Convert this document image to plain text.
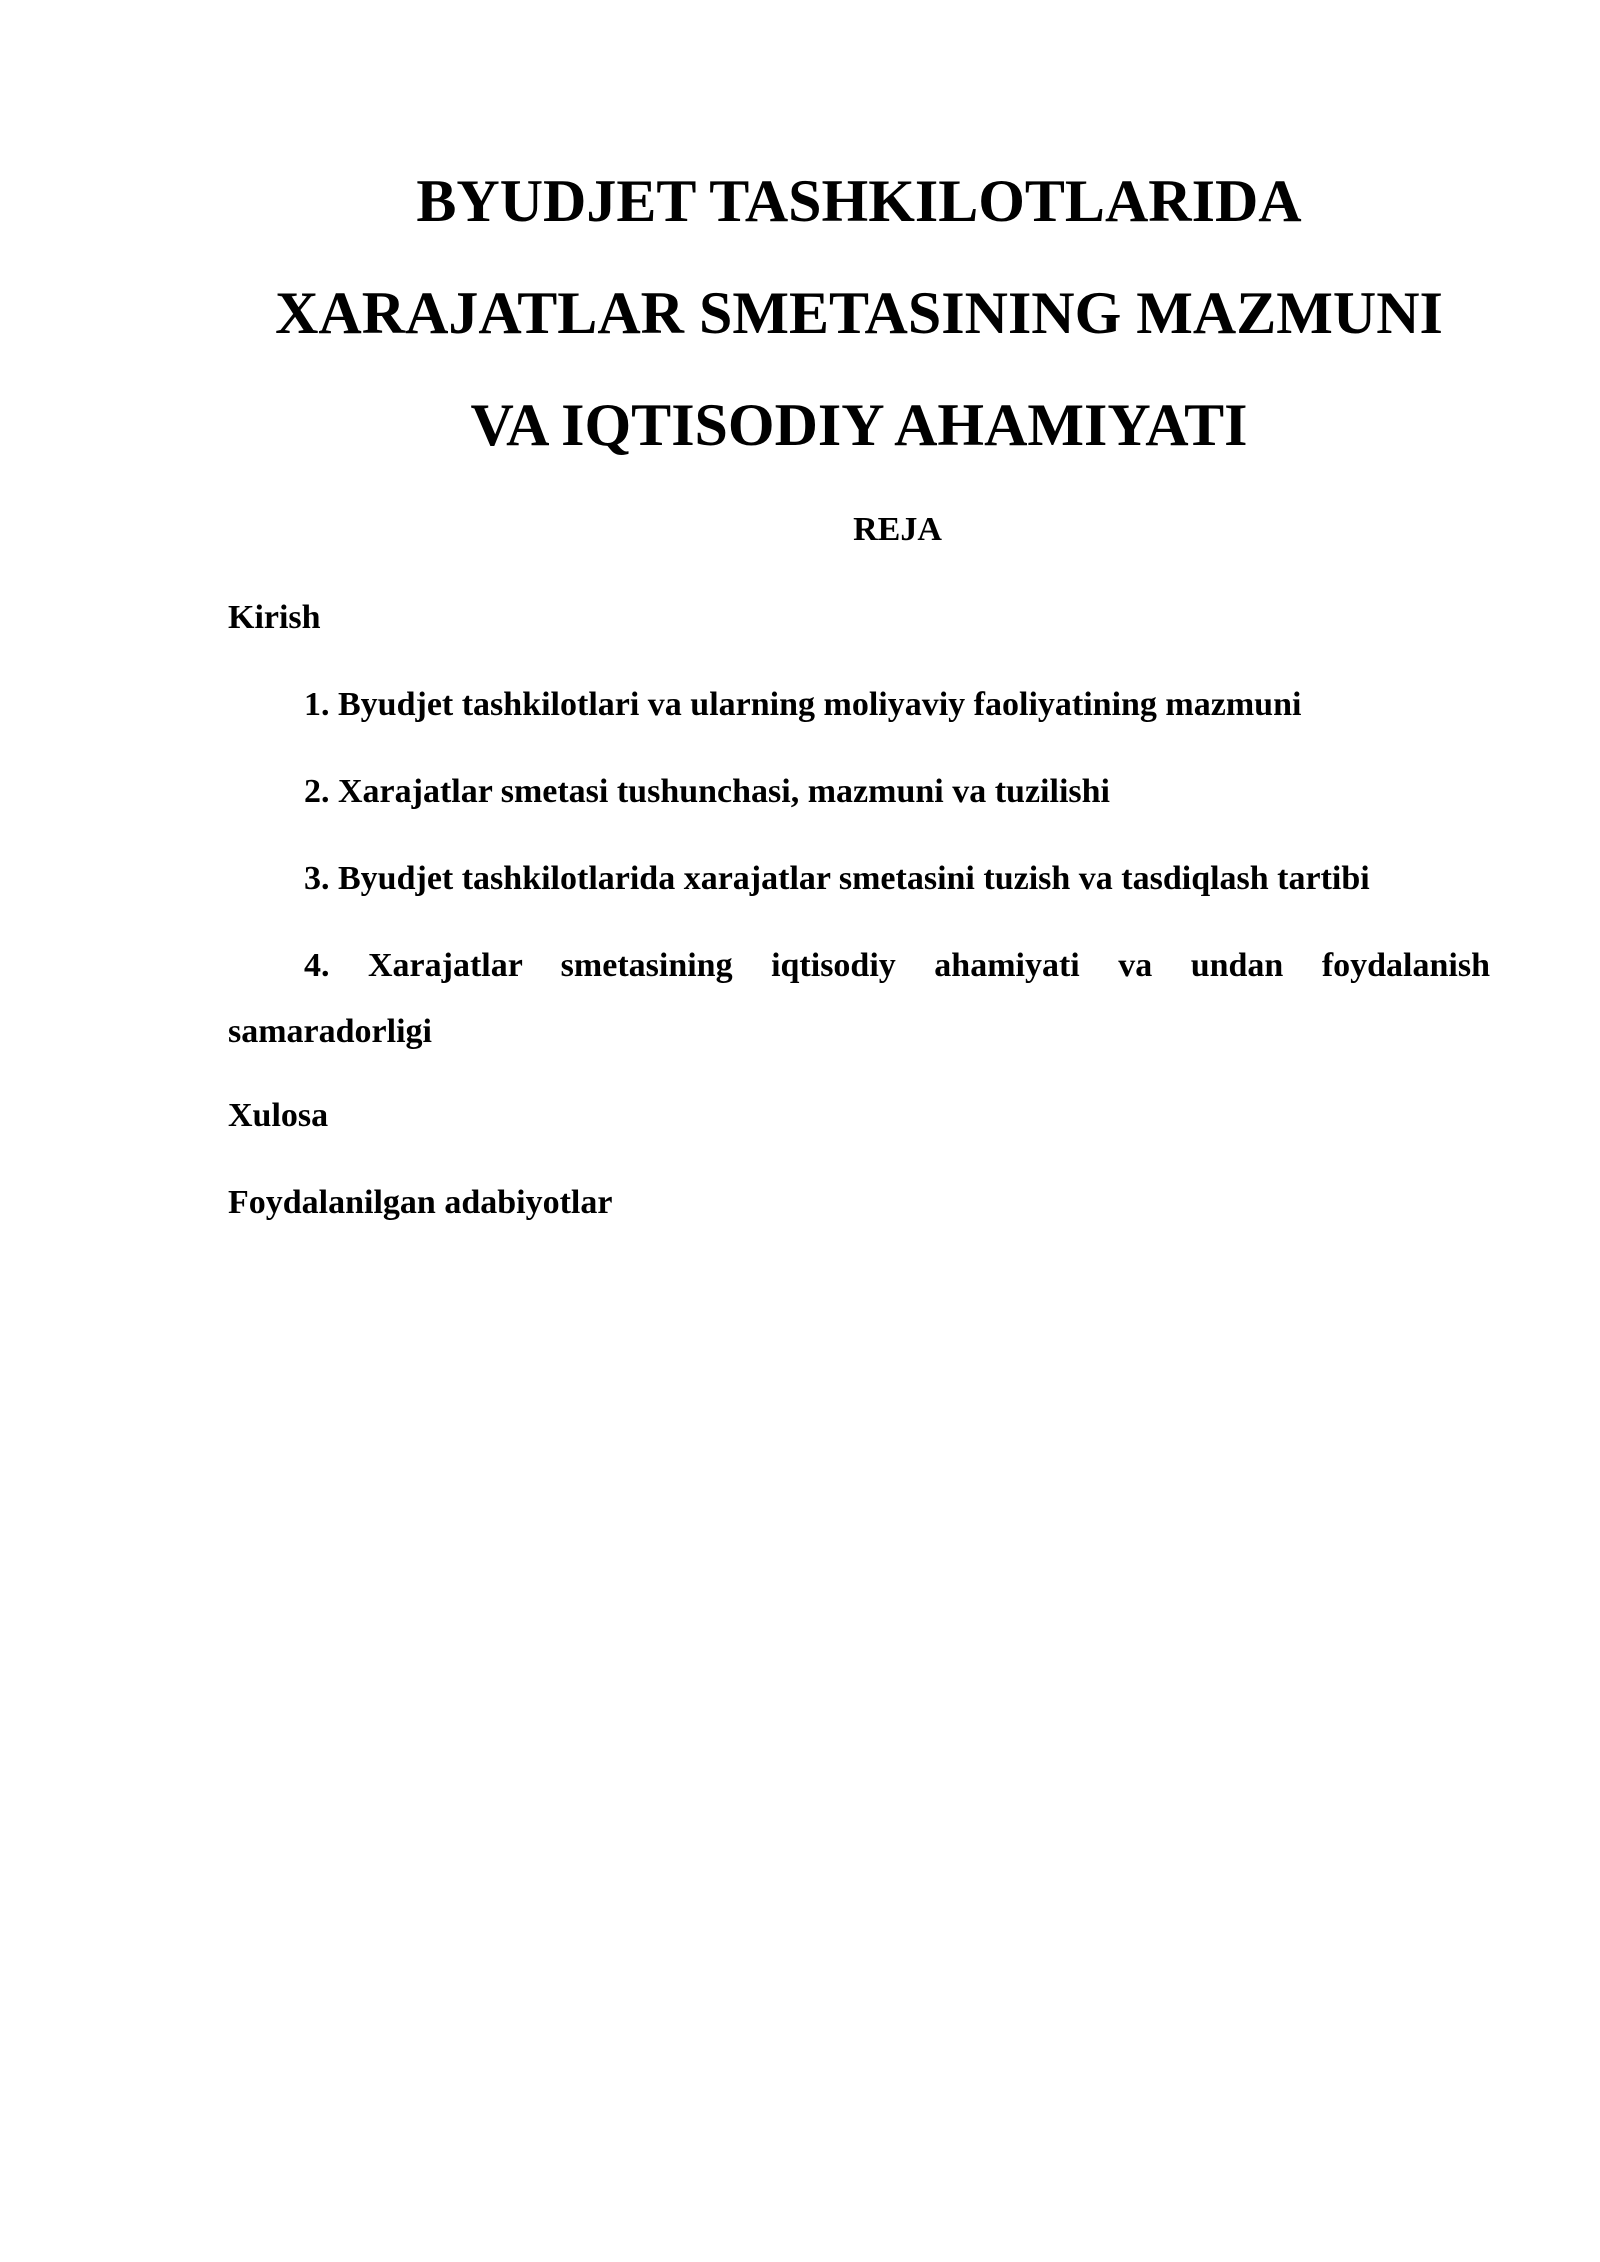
BYUDJET TASHKILOTLARIDA
XARAJATLAR SMETASINING MAZMUNI
VA IQTISODIY AHAMIYATI

REJA

Kirish

1. Byudjet tashkilotlari va ularning moliyaviy faoliyatining mazmuni

2. Xarajatlar smetasi tushunchasi, mazmuni va tuzilishi

3. Byudjet tashkilotlarida xarajatlar smetasini tuzish va tasdiqlash tartibi

4. Xarajatlar smetasining iqtisodiy ahamiyati va undan foydalanish samaradorligi

Xulosa

Foydalanilgan adabiyotlar
